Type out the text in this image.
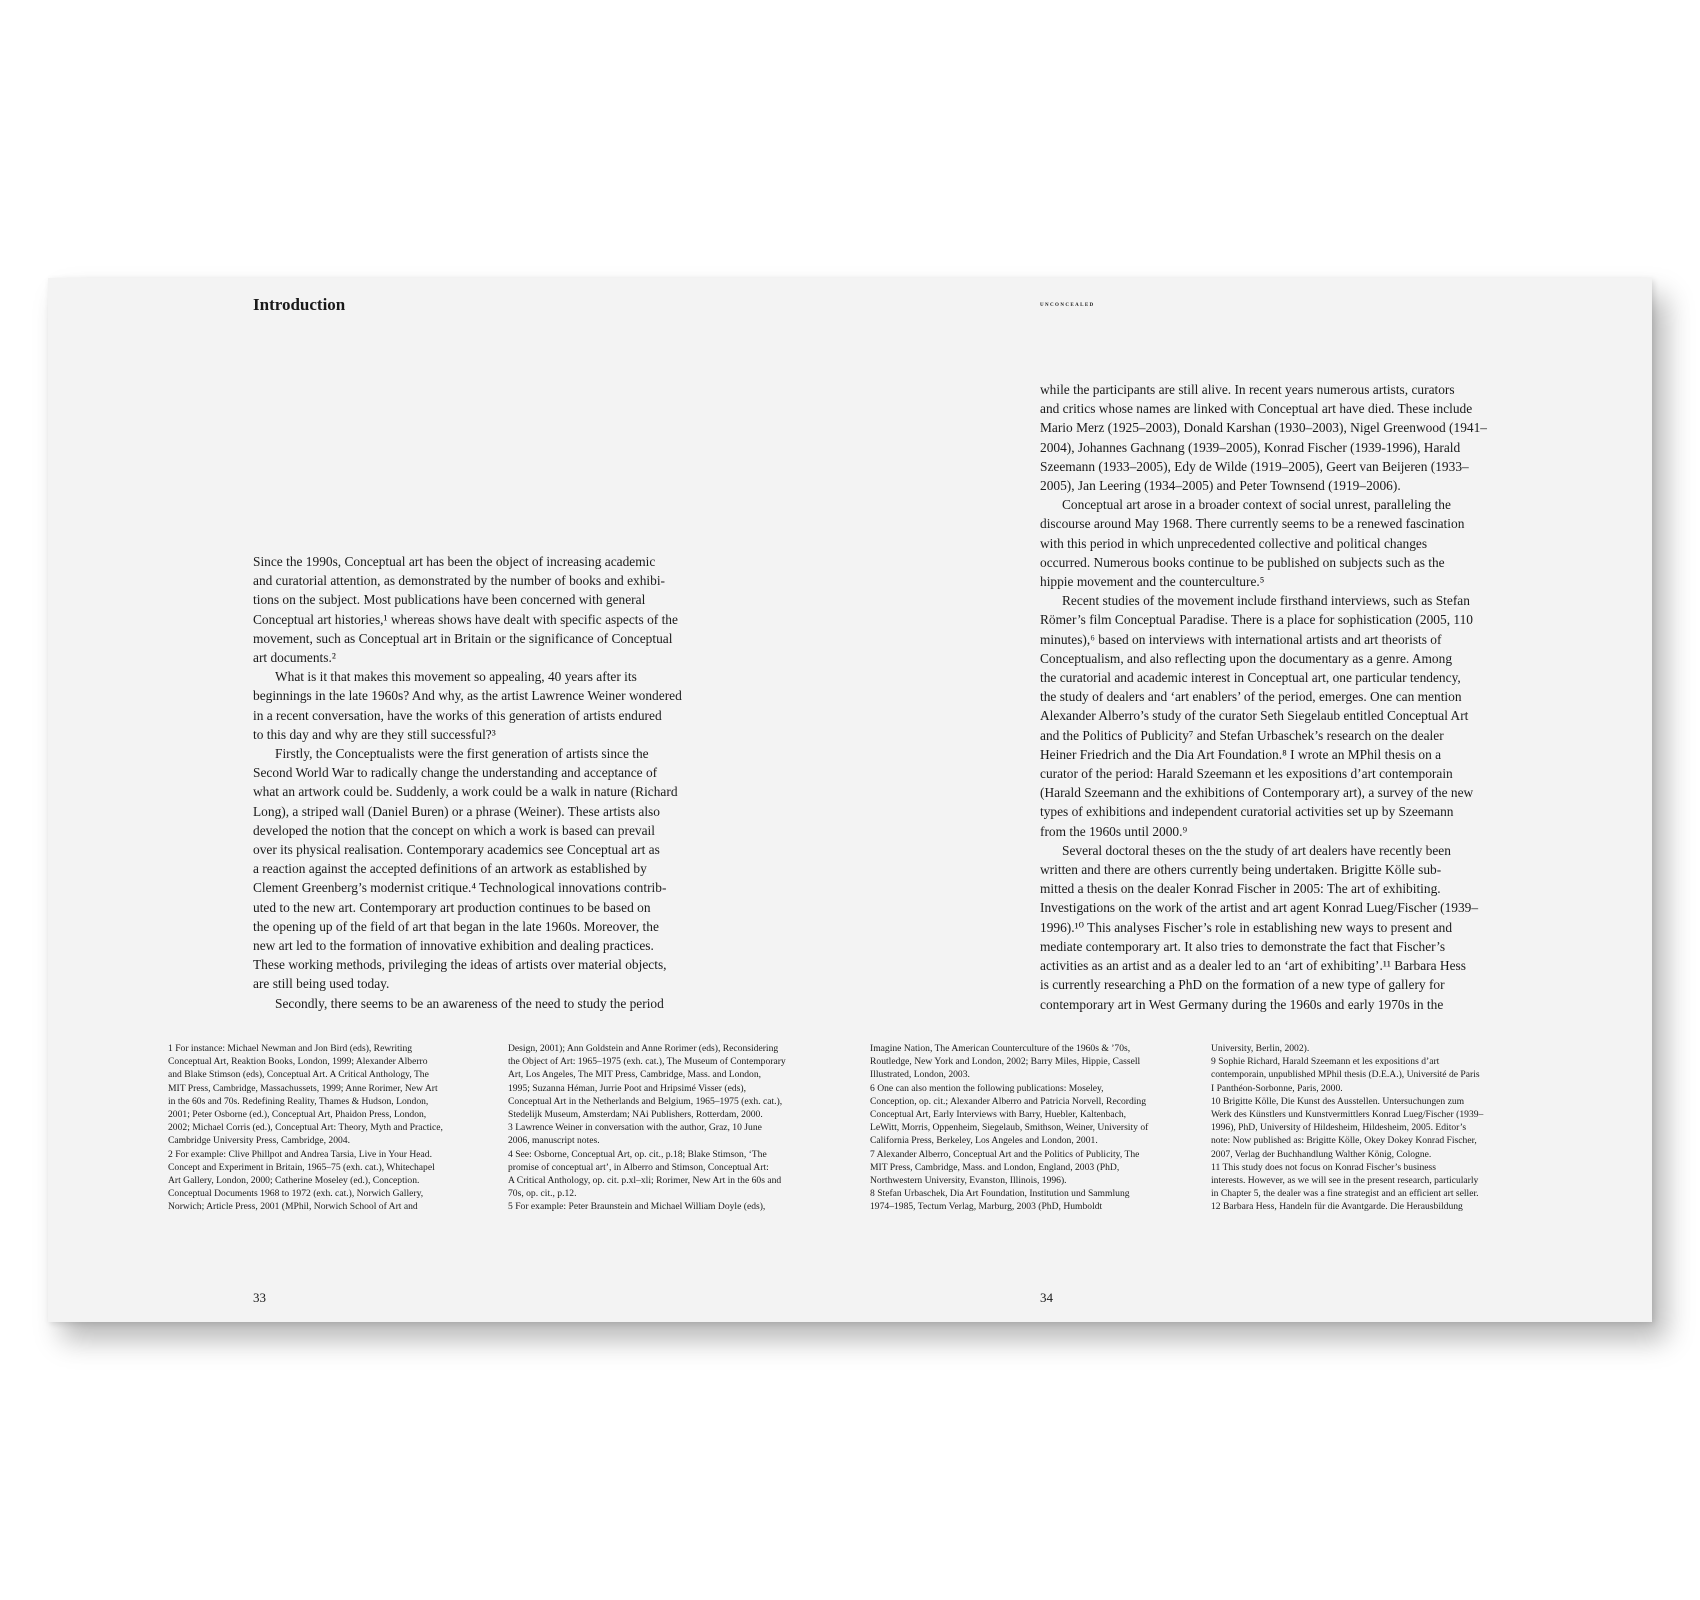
Introduction	unconcealed

Since the 1990s, Conceptual art has been the object of increasing academic
and curatorial attention, as demonstrated by the number of books and exhibi-
tions on the subject. Most publications have been concerned with general
Conceptual art histories,¹ whereas shows have dealt with specific aspects of the
movement, such as Conceptual art in Britain or the significance of Conceptual
art documents.²

What is it that makes this movement so appealing, 40 years after its
beginnings in the late 1960s? And why, as the artist Lawrence Weiner wondered
in a recent conversation, have the works of this generation of artists endured
to this day and why are they still successful?³

Firstly, the Conceptualists were the first generation of artists since the
Second World War to radically change the understanding and acceptance of
what an artwork could be. Suddenly, a work could be a walk in nature (Richard
Long), a striped wall (Daniel Buren) or a phrase (Weiner). These artists also
developed the notion that the concept on which a work is based can prevail
over its physical realisation. Contemporary academics see Conceptual art as
a reaction against the accepted definitions of an artwork as established by
Clement Greenberg’s modernist critique.⁴ Technological innovations contrib-
uted to the new art. Contemporary art production continues to be based on
the opening up of the field of art that began in the late 1960s. Moreover, the
new art led to the formation of innovative exhibition and dealing practices.
These working methods, privileging the ideas of artists over material objects,
are still being used today.

Secondly, there seems to be an awareness of the need to study the period

while the participants are still alive. In recent years numerous artists, curators
and critics whose names are linked with Conceptual art have died. These include
Mario Merz (1925–2003), Donald Karshan (1930–2003), Nigel Greenwood (1941–
2004), Johannes Gachnang (1939–2005), Konrad Fischer (1939-1996), Harald
Szeemann (1933–2005), Edy de Wilde (1919–2005), Geert van Beijeren (1933–
2005), Jan Leering (1934–2005) and Peter Townsend (1919–2006).

Conceptual art arose in a broader context of social unrest, paralleling the
discourse around May 1968. There currently seems to be a renewed fascination
with this period in which unprecedented collective and political changes
occurred. Numerous books continue to be published on subjects such as the
hippie movement and the counterculture.⁵

Recent studies of the movement include firsthand interviews, such as Stefan
Römer’s film Conceptual Paradise. There is a place for sophistication (2005, 110
minutes),⁶ based on interviews with international artists and art theorists of
Conceptualism, and also reflecting upon the documentary as a genre. Among
the curatorial and academic interest in Conceptual art, one particular tendency,
the study of dealers and ‘art enablers’ of the period, emerges. One can mention
Alexander Alberro’s study of the curator Seth Siegelaub entitled Conceptual Art
and the Politics of Publicity⁷ and Stefan Urbaschek’s research on the dealer
Heiner Friedrich and the Dia Art Foundation.⁸ I wrote an MPhil thesis on a
curator of the period: Harald Szeemann et les expositions d’art contemporain
(Harald Szeemann and the exhibitions of Contemporary art), a survey of the new
types of exhibitions and independent curatorial activities set up by Szeemann
from the 1960s until 2000.⁹

Several doctoral theses on the the study of art dealers have recently been
written and there are others currently being undertaken. Brigitte Kölle sub-
mitted a thesis on the dealer Konrad Fischer in 2005: The art of exhibiting.
Investigations on the work of the artist and art agent Konrad Lueg/Fischer (1939–
1996).¹⁰ This analyses Fischer’s role in establishing new ways to present and
mediate contemporary art. It also tries to demonstrate the fact that Fischer’s
activities as an artist and as a dealer led to an ‘art of exhibiting’.¹¹ Barbara Hess
is currently researching a PhD on the formation of a new type of gallery for
contemporary art in West Germany during the 1960s and early 1970s in the

1 For instance: Michael Newman and Jon Bird (eds), Rewriting
Conceptual Art, Reaktion Books, London, 1999; Alexander Alberro
and Blake Stimson (eds), Conceptual Art. A Critical Anthology, The
MIT Press, Cambridge, Massachussets, 1999; Anne Rorimer, New Art
in the 60s and 70s. Redefining Reality, Thames & Hudson, London,
2001; Peter Osborne (ed.), Conceptual Art, Phaidon Press, London,
2002; Michael Corris (ed.), Conceptual Art: Theory, Myth and Practice,
Cambridge University Press, Cambridge, 2004.
2 For example: Clive Phillpot and Andrea Tarsia, Live in Your Head.
Concept and Experiment in Britain, 1965–75 (exh. cat.), Whitechapel
Art Gallery, London, 2000; Catherine Moseley (ed.), Conception.
Conceptual Documents 1968 to 1972 (exh. cat.), Norwich Gallery,
Norwich; Article Press, 2001 (MPhil, Norwich School of Art and

Design, 2001); Ann Goldstein and Anne Rorimer (eds), Reconsidering
the Object of Art: 1965–1975 (exh. cat.), The Museum of Contemporary
Art, Los Angeles, The MIT Press, Cambridge, Mass. and London,
1995; Suzanna Héman, Jurrie Poot and Hripsimé Visser (eds),
Conceptual Art in the Netherlands and Belgium, 1965–1975 (exh. cat.),
Stedelijk Museum, Amsterdam; NAi Publishers, Rotterdam, 2000.
3 Lawrence Weiner in conversation with the author, Graz, 10 June
2006, manuscript notes.
4 See: Osborne, Conceptual Art, op. cit., p.18; Blake Stimson, ‘The
promise of conceptual art’, in Alberro and Stimson, Conceptual Art:
A Critical Anthology, op. cit. p.xl–xli; Rorimer, New Art in the 60s and
70s, op. cit., p.12.
5 For example: Peter Braunstein and Michael William Doyle (eds),

Imagine Nation, The American Counterculture of the 1960s & ’70s,
Routledge, New York and London, 2002; Barry Miles, Hippie, Cassell
Illustrated, London, 2003.
6 One can also mention the following publications: Moseley,
Conception, op. cit.; Alexander Alberro and Patricia Norvell, Recording
Conceptual Art, Early Interviews with Barry, Huebler, Kaltenbach,
LeWitt, Morris, Oppenheim, Siegelaub, Smithson, Weiner, University of
California Press, Berkeley, Los Angeles and London, 2001.
7 Alexander Alberro, Conceptual Art and the Politics of Publicity, The
MIT Press, Cambridge, Mass. and London, England, 2003 (PhD,
Northwestern University, Evanston, Illinois, 1996).
8 Stefan Urbaschek, Dia Art Foundation, Institution und Sammlung
1974–1985, Tectum Verlag, Marburg, 2003 (PhD, Humboldt

University, Berlin, 2002).
9 Sophie Richard, Harald Szeemann et les expositions d’art
contemporain, unpublished MPhil thesis (D.E.A.), Université de Paris
I Panthéon-Sorbonne, Paris, 2000.
10 Brigitte Kölle, Die Kunst des Ausstellen. Untersuchungen zum
Werk des Künstlers und Kunstvermittlers Konrad Lueg/Fischer (1939–
1996), PhD, University of Hildesheim, Hildesheim, 2005. Editor’s
note: Now published as: Brigitte Kölle, Okey Dokey Konrad Fischer,
2007, Verlag der Buchhandlung Walther König, Cologne.
11 This study does not focus on Konrad Fischer’s business
interests. However, as we will see in the present research, particularly
in Chapter 5, the dealer was a fine strategist and an efficient art seller.
12 Barbara Hess, Handeln für die Avantgarde. Die Herausbildung

33	34
